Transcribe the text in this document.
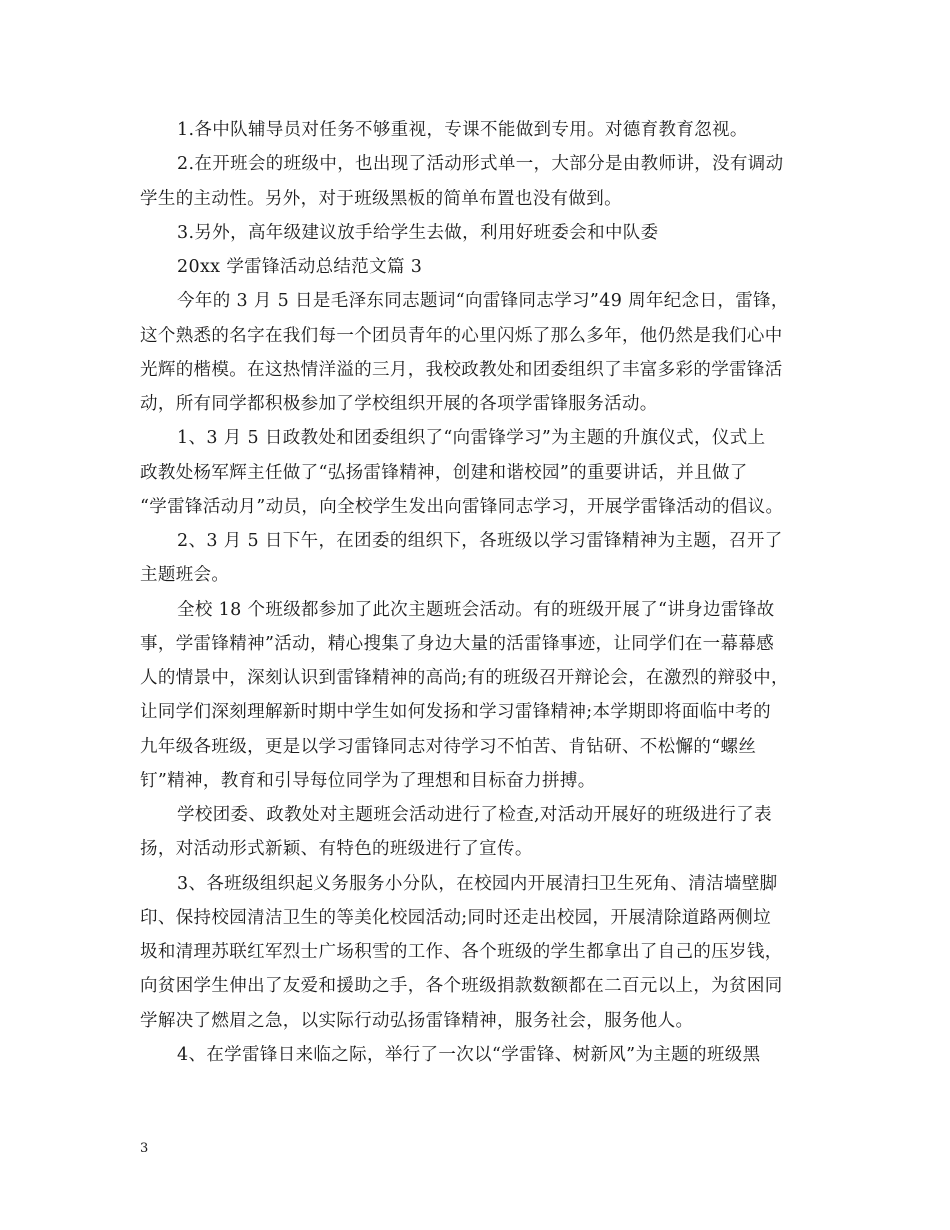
1.各中队辅导员对任务不够重视，专课不能做到专用。对德育教育忽视。
2.在开班会的班级中，也出现了活动形式单一，大部分是由教师讲，没有调动
学生的主动性。另外，对于班级黑板的简单布置也没有做到。
3.另外，高年级建议放手给学生去做，利用好班委会和中队委
20xx 学雷锋活动总结范文篇 3
今年的 3 月 5 日是毛泽东同志题词“向雷锋同志学习”49 周年纪念日，雷锋，
这个熟悉的名字在我们每一个团员青年的心里闪烁了那么多年，他仍然是我们心中
光辉的楷模。在这热情洋溢的三月，我校政教处和团委组织了丰富多彩的学雷锋活
动，所有同学都积极参加了学校组织开展的各项学雷锋服务活动。
1、3 月 5 日政教处和团委组织了“向雷锋学习”为主题的升旗仪式，仪式上
政教处杨军辉主任做了“弘扬雷锋精神，创建和谐校园”的重要讲话，并且做了
“学雷锋活动月”动员，向全校学生发出向雷锋同志学习，开展学雷锋活动的倡议。
2、3 月 5 日下午，在团委的组织下，各班级以学习雷锋精神为主题，召开了
主题班会。
全校 18 个班级都参加了此次主题班会活动。有的班级开展了“讲身边雷锋故
事，学雷锋精神”活动，精心搜集了身边大量的活雷锋事迹，让同学们在一幕幕感
人的情景中，深刻认识到雷锋精神的高尚;有的班级召开辩论会，在激烈的辩驳中，
让同学们深刻理解新时期中学生如何发扬和学习雷锋精神;本学期即将面临中考的
九年级各班级，更是以学习雷锋同志对待学习不怕苦、肯钻研、不松懈的“螺丝
钉”精神，教育和引导每位同学为了理想和目标奋力拼搏。
学校团委、政教处对主题班会活动进行了检查,对活动开展好的班级进行了表
扬，对活动形式新颖、有特色的班级进行了宣传。
3、各班级组织起义务服务小分队，在校园内开展清扫卫生死角、清洁墙壁脚
印、保持校园清洁卫生的等美化校园活动;同时还走出校园，开展清除道路两侧垃
圾和清理苏联红军烈士广场积雪的工作、各个班级的学生都拿出了自己的压岁钱，
向贫困学生伸出了友爱和援助之手，各个班级捐款数额都在二百元以上，为贫困同
学解决了燃眉之急，以实际行动弘扬雷锋精神，服务社会，服务他人。
4、在学雷锋日来临之际，举行了一次以“学雷锋、树新风”为主题的班级黑
3
